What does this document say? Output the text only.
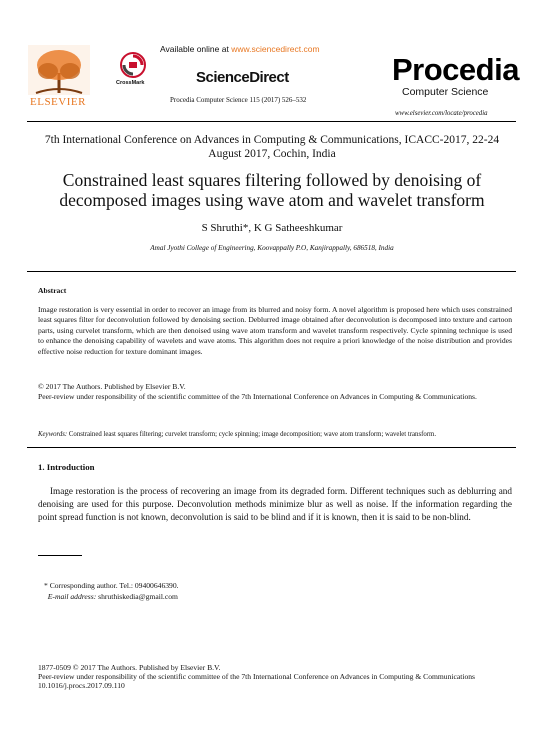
ELSEVIER
Available online at www.sciencedirect.com
CrossMark	ScienceDirect
Procedia Computer Science 115 (2017) 526–532
Procedia
Computer Science
www.elsevier.com/locate/procedia
7th International Conference on Advances in Computing & Communications, ICACC-2017, 22-24 August 2017, Cochin, India
Constrained least squares filtering followed by denoising of decomposed images using wave atom and wavelet transform
S Shruthi*, K G Satheeshkumar
Amal Jyothi College of Engineering, Koovappally P.O, Kanjirappally, 686518, India
Abstract
Image restoration is very essential in order to recover an image from its blurred and noisy form. A novel algorithm is proposed here which uses constrained least squares filter for deconvolution followed by denoising section. Deblurred image obtained after deconvolution is decomposed into texture and cartoon parts, using curvelet transform, which are then denoised using wave atom transform and wavelet transform respectively. Cycle spinning technique is used to enhance the denoising capability of wavelets and wave atoms. This algorithm does not require a priori knowledge of the noise distribution and provides effective noise reduction for texture dominant images.
© 2017 The Authors. Published by Elsevier B.V.
Peer-review under responsibility of the scientific committee of the 7th International Conference on Advances in Computing & Communications.
Keywords: Constrained least squares filtering; curvelet transform; cycle spinning; image decomposition; wave atom transform; wavelet transform.
1. Introduction
Image restoration is the process of recovering an image from its degraded form. Different techniques such as deblurring and denoising are used for this purpose. Deconvolution methods minimize blur as well as noise. If the information regarding the point spread function is not known, deconvolution is said to be blind and if it is known, then it is said to be non-blind.
* Corresponding author. Tel.: 09400646390.
E-mail address: shruthiskedia@gmail.com
1877-0509 © 2017 The Authors. Published by Elsevier B.V.
Peer-review under responsibility of the scientific committee of the 7th International Conference on Advances in Computing & Communications
10.1016/j.procs.2017.09.110
